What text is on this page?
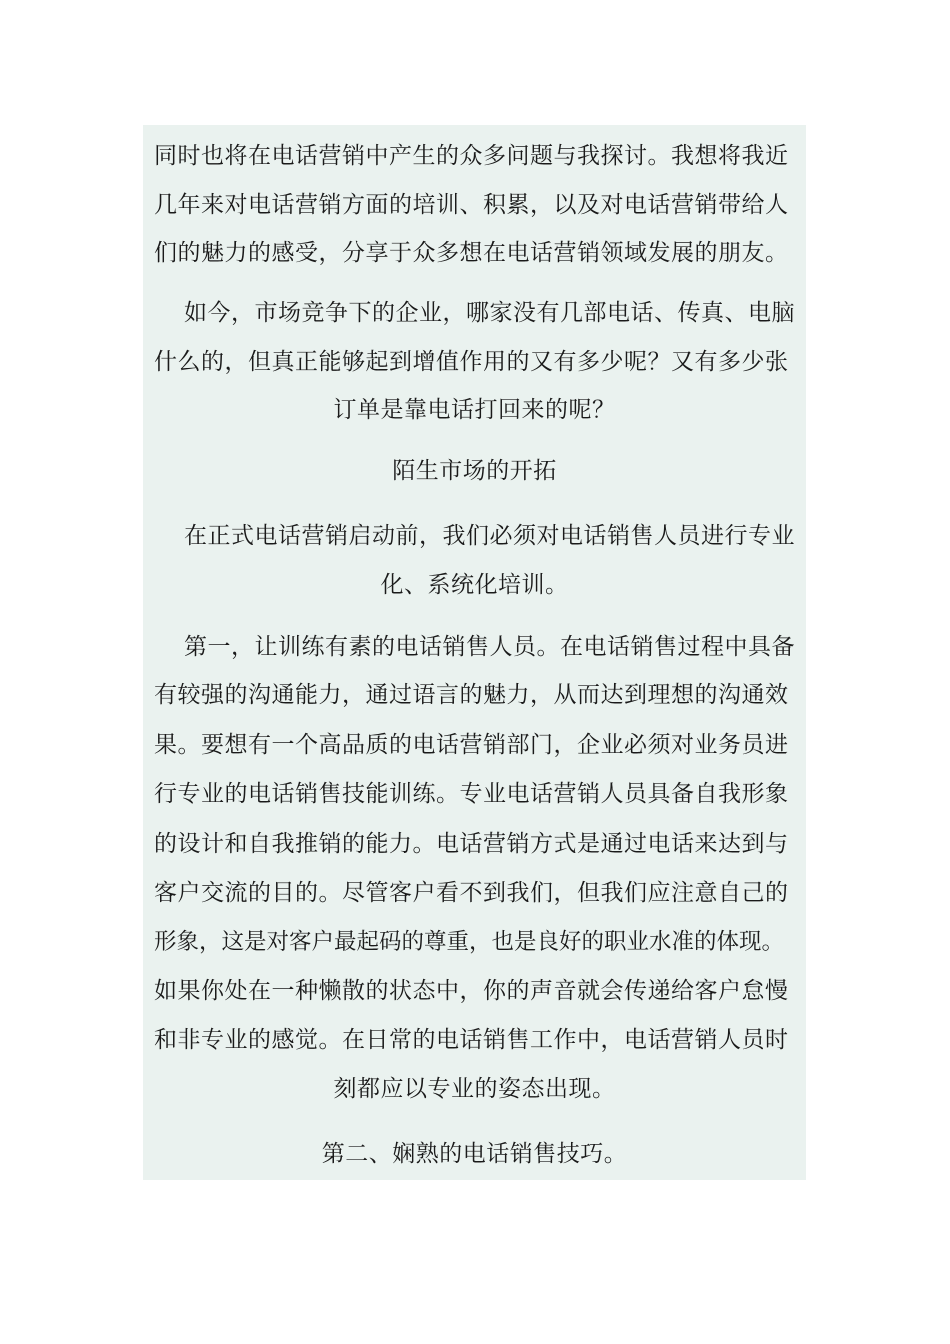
同时也将在电话营销中产生的众多问题与我探讨。我想将我近
几年来对电话营销方面的培训、积累，以及对电话营销带给人
们的魅力的感受，分享于众多想在电话营销领域发展的朋友。
如今，市场竞争下的企业，哪家没有几部电话、传真、电脑
什么的，但真正能够起到增值作用的又有多少呢？又有多少张
订单是靠电话打回来的呢？
陌生市场的开拓
在正式电话营销启动前，我们必须对电话销售人员进行专业
化、系统化培训。
第一，让训练有素的电话销售人员。在电话销售过程中具备
有较强的沟通能力，通过语言的魅力，从而达到理想的沟通效
果。要想有一个高品质的电话营销部门，企业必须对业务员进
行专业的电话销售技能训练。专业电话营销人员具备自我形象
的设计和自我推销的能力。电话营销方式是通过电话来达到与
客户交流的目的。尽管客户看不到我们，但我们应注意自己的
形象，这是对客户最起码的尊重，也是良好的职业水准的体现。
如果你处在一种懒散的状态中，你的声音就会传递给客户怠慢
和非专业的感觉。在日常的电话销售工作中，电话营销人员时
刻都应以专业的姿态出现。
第二、娴熟的电话销售技巧。
